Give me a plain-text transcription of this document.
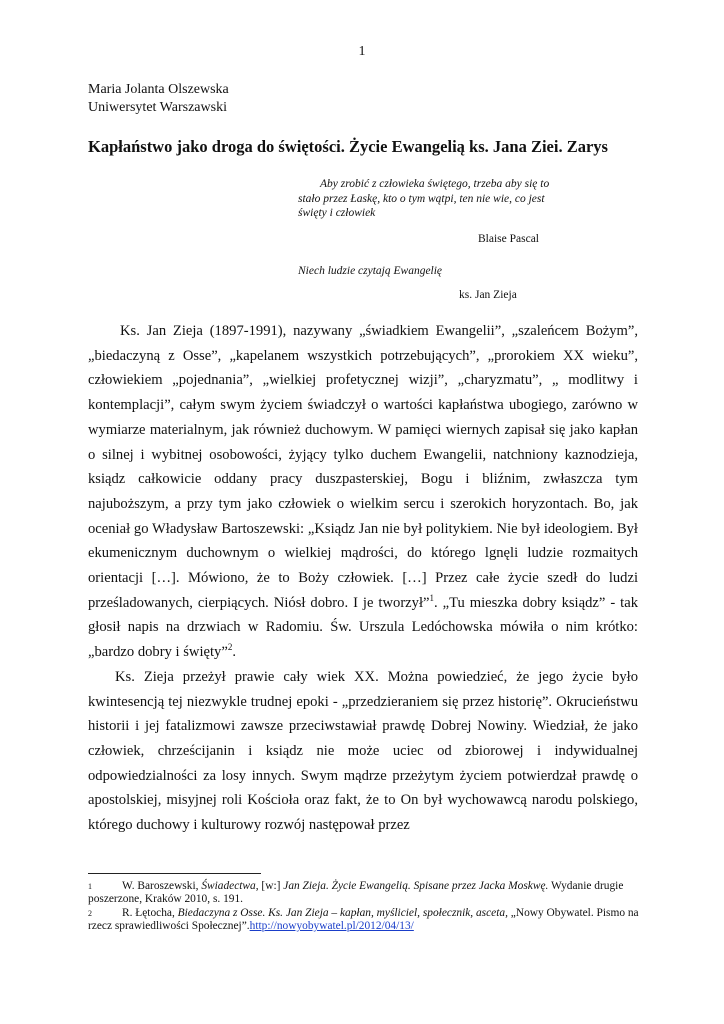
1
Maria Jolanta Olszewska
Uniwersytet Warszawski
Kapłaństwo jako droga do świętości. Życie Ewangelią ks. Jana Ziei. Zarys
Aby zrobić z człowieka świętego, trzeba aby się to
stało przez Łaskę, kto o tym wątpi, ten nie wie, co jest
święty i człowiek
Blaise Pascal
Niech ludzie czytają Ewangelię
ks. Jan Zieja

Ks. Jan Zieja (1897-1991), nazywany „świadkiem Ewangelii”, „szaleńcem Bożym”, „biedaczyną z Osse”, „kapelanem wszystkich potrzebujących”, „prorokiem XX wieku”, człowiekiem „pojednania”, „wielkiej profetycznej wizji”, „charyzmatu”, „ modlitwy i kontemplacji”, całym swym życiem świadczył o wartości kapłaństwa ubogiego, zarówno w wymiarze materialnym, jak również duchowym. W pamięci wiernych zapisał się jako kapłan o silnej i wybitnej osobowości, żyjący tylko duchem Ewangelii, natchniony kaznodzieja, ksiądz całkowicie oddany pracy duszpasterskiej, Bogu i bliźnim, zwłaszcza tym najuboższym, a przy tym jako człowiek o wielkim sercu i szerokich horyzontach. Bo, jak oceniał go Władysław Bartoszewski: „Ksiądz Jan nie był politykiem. Nie był ideologiem. Był ekumenicznym duchownym o wielkiej mądrości, do którego lgnęli ludzie rozmaitych orientacji […]. Mówiono, że to Boży człowiek. […] Przez całe życie szedł do ludzi prześladowanych, cierpiących. Niósł dobro. I je tworzył”$^1$. „Tu mieszka dobry ksiądz” - tak głosił napis na drzwiach w Radomiu. Św. Urszula Ledóchowska mówiła o nim krótko: „bardzo dobry i święty”$^2$.

Ks. Zieja przeżył prawie cały wiek XX. Można powiedzieć, że jego życie było kwintesencją tej niezwykle trudnej epoki - „przedzieraniem się przez historię”. Okrucieństwu historii i jej fatalizmowi zawsze przeciwstawiał prawdę Dobrej Nowiny. Wiedział, że jako człowiek, chrześcijanin i ksiądz nie może uciec od zbiorowej i indywidualnej odpowiedzialności za losy innych. Swym mądrze przeżytym życiem potwierdzał prawdę o apostolskiej, misyjnej roli Kościoła oraz fakt, że to On był wychowawcą narodu polskiego, którego duchowy i kulturowy rozwój następował przez

1	W. Baroszewski, Świadectwa, [w:] Jan Zieja. Życie Ewangelią. Spisane przez Jacka Moskwę. Wydanie drugie poszerzone, Kraków 2010, s. 191.
2	R. Łętocha, Biedaczyna z Osse. Ks. Jan Zieja – kapłan, myśliciel, społecznik, asceta, „Nowy Obywatel. Pismo na rzecz sprawiedliwości Społecznej”.http://nowyobywatel.pl/2012/04/13/
